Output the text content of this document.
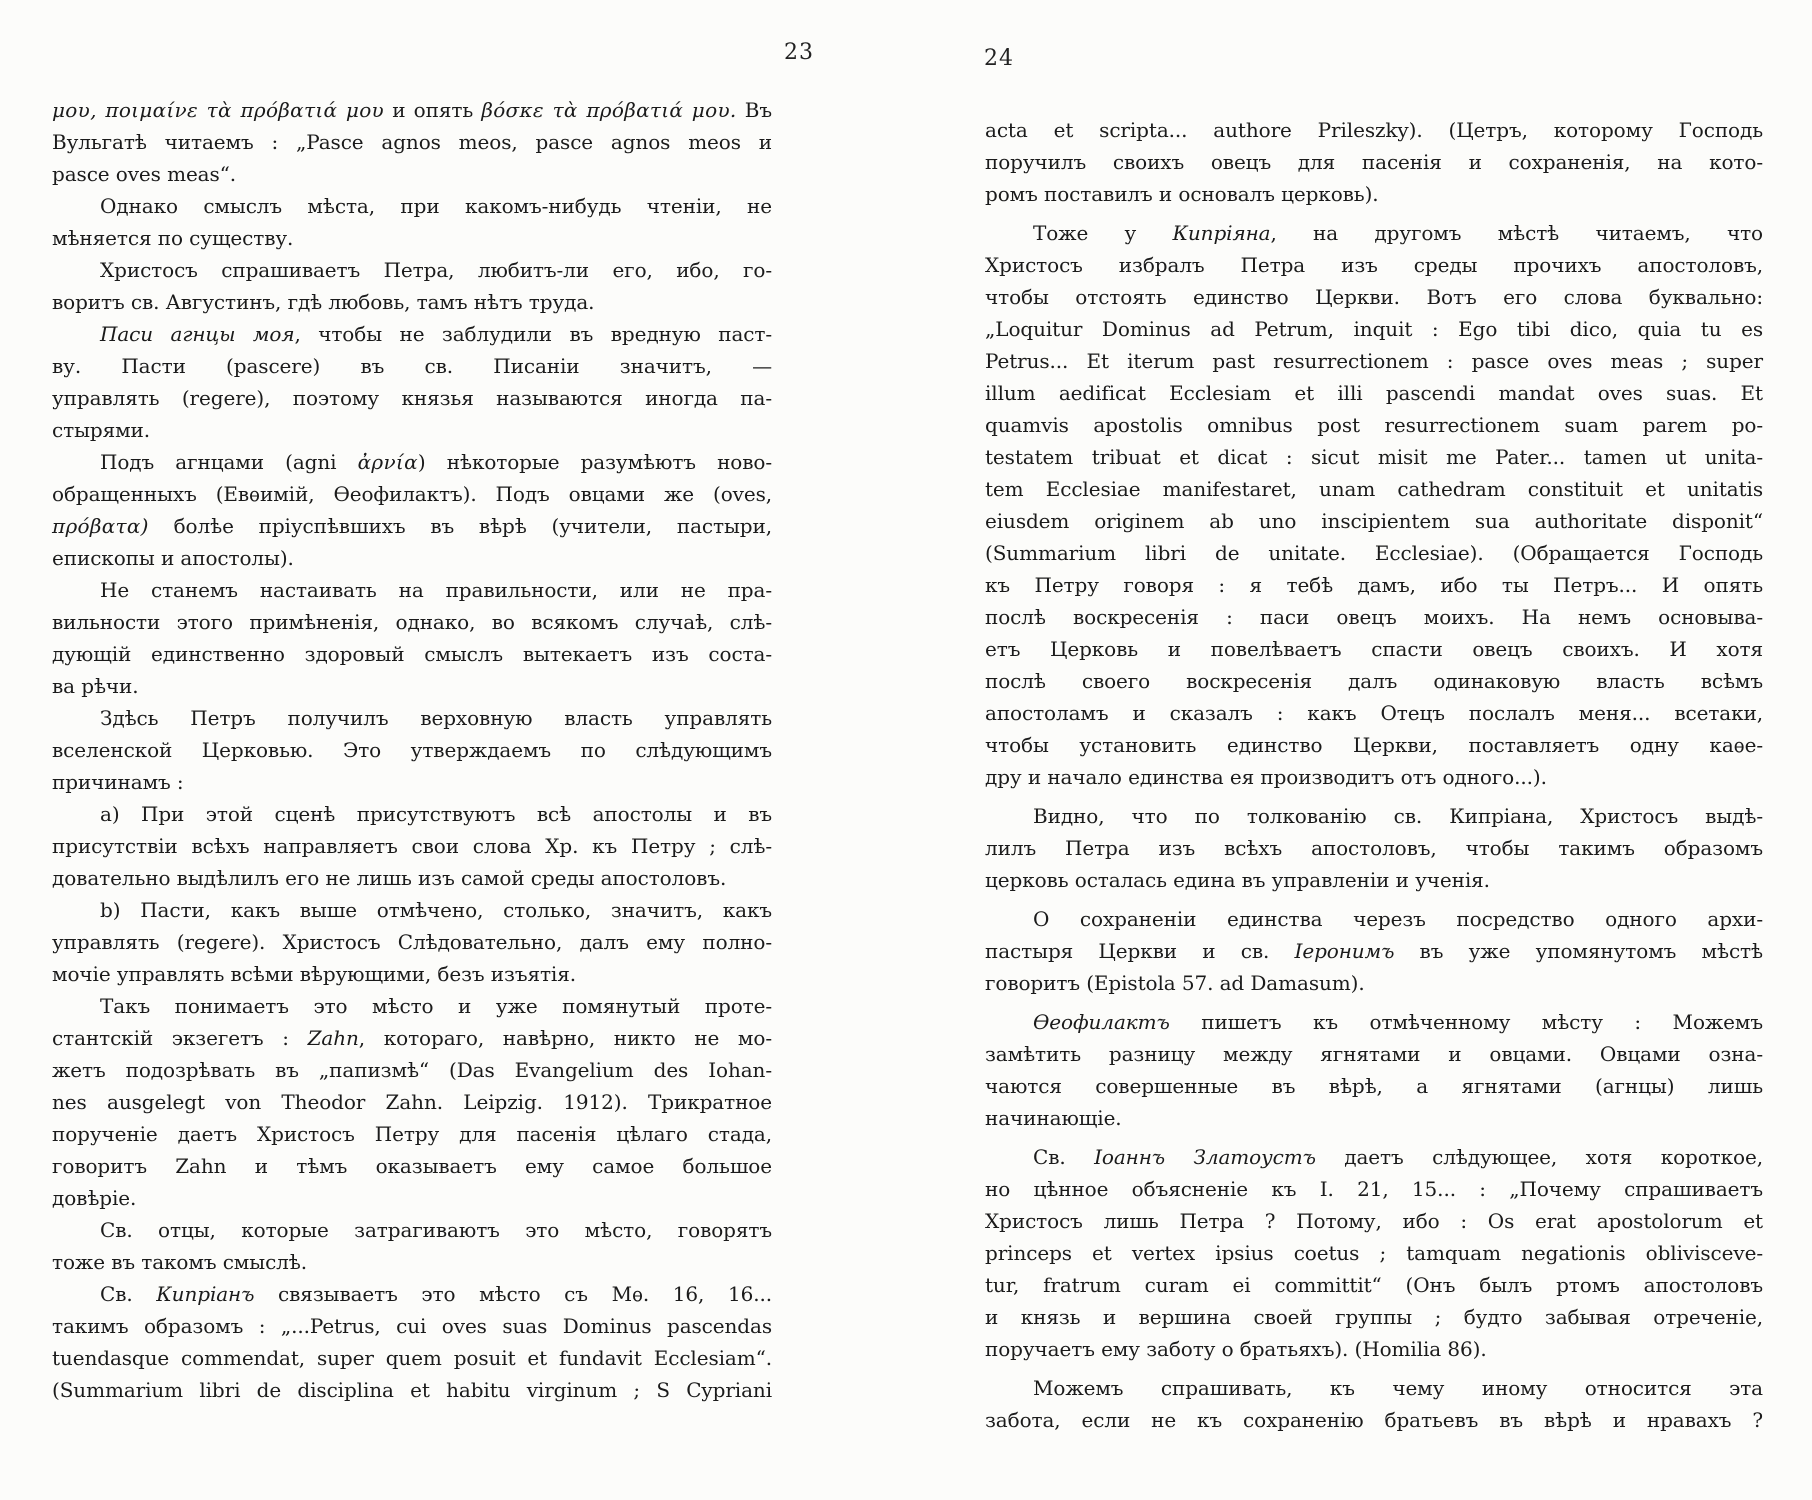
23	24
μου, ποιμαίνε τὰ πρόβατιά μου и опять βόσκε τὰ πρόβατιά μου. Въ
Вульгатѣ читаемъ : „Pasce agnos meos, pasce agnos meos и
pasce oves meas“.
Однако смыслъ мѣста, при какомъ-нибудь чтеніи, не
мѣняется по существу.
Христосъ спрашиваетъ Петра, любитъ-ли его, ибо, го-
воритъ св. Августинъ, гдѣ любовь, тамъ нѣтъ труда.
Паси агнцы моя, чтобы не заблудили въ вредную паст-
ву. Пасти (pascere) въ св. Писаніи значитъ, —
управлять (regere), поэтому князья называются иногда па-
стырями.
Подъ агнцами (agni ἀρνία) нѣкоторые разумѣютъ ново-
обращенныхъ (Евѳимій, Ѳеофилактъ). Подъ овцами же (oves,
πρόβατα) болѣе пріуспѣвшихъ въ вѣрѣ (учители, пастыри,
епископы и апостолы).
Не станемъ настаивать на правильности, или не пра-
вильности этого примѣненія, однако, во всякомъ случаѣ, слѣ-
дующій единственно здоровый смыслъ вытекаетъ изъ соста-
ва рѣчи.
Здѣсь Петръ получилъ верховную власть управлять
вселенской Церковью. Это утверждаемъ по слѣдующимъ
причинамъ :
a) При этой сценѣ присутствуютъ всѣ апостолы и въ
присутствіи всѣхъ направляетъ свои слова Хр. къ Петру ; слѣ-
довательно выдѣлилъ его не лишь изъ самой среды апостоловъ.
b) Пасти, какъ выше отмѣчено, столько, значитъ, какъ
управлять (regere). Христосъ Слѣдовательно, далъ ему полно-
мочіе управлять всѣми вѣрующими, безъ изъятія.
Такъ понимаетъ это мѣсто и уже помянутый проте-
стантскій экзегетъ : Zahn, котораго, навѣрно, никто не мо-
жетъ подозрѣвать въ „папизмѣ“ (Das Evangelium des Іohan-
nes ausgelegt von Theodor Zahn. Leipzig. 1912). Трикратное
порученіе даетъ Христосъ Петру для пасенія цѣлаго стада,
говоритъ Zahn и тѣмъ оказываетъ ему самое большое
довѣріе.
Св. отцы, которые затрагиваютъ это мѣсто, говорятъ
тоже въ такомъ смыслѣ.
Св. Кипріанъ связываетъ это мѣсто съ Мѳ. 16, 16...
такимъ образомъ : „...Petrus, cui oves suas Dominus pascendas
tuendasque commendat, super quem posuit et fundavit Ecclesiam“.
(Summarium libri de disciplina et habitu virginum ; S Cypriani
acta et scripta... authore Prileszky). (Цетръ, которому Господь
поручилъ своихъ овецъ для пасенія и сохраненія, на кото-
ромъ поставилъ и основалъ церковь).
Тоже у Кипріяна, на другомъ мѣстѣ читаемъ, что
Христосъ избралъ Петра изъ среды прочихъ апостоловъ,
чтобы отстоять единство Церкви. Вотъ его слова буквально:
„Loquitur Dominus ad Petrum, inquit : Ego tibi dico, quia tu es
Petrus... Et iterum past resurrectionem : pasce oves meas ; super
illum aedificat Ecclesiam et illi pascendi mandat oves suas. Et
quamvis apostolis omnibus post resurrectionem suam parem po-
testatem tribuat et dicat : sicut misit me Pater... tamen ut unita-
tem Ecclesiae manifestaret, unam cathedram constituit et unitatis
eiusdem originem ab uno inscipientem sua authoritate disponit“
(Summarium libri de unitate. Ecclesiae). (Обращается Господь
къ Петру говоря : я тебѣ дамъ, ибо ты Петръ... И опять
послѣ воскресенія : паси овецъ моихъ. На немъ основыва-
етъ Церковь и повелѣваетъ спасти овецъ своихъ. И хотя
послѣ своего воскресенія далъ одинаковую власть всѣмъ
апостоламъ и сказалъ : какъ Отецъ послалъ меня... всетаки,
чтобы установить единство Церкви, поставляетъ одну каѳе-
дру и начало единства ея производитъ отъ одного...).
Видно, что по толкованію св. Кипріана, Христосъ выдѣ-
лилъ Петра изъ всѣхъ апостоловъ, чтобы такимъ образомъ
церковь осталась едина въ управленіи и ученія.
О сохраненіи единства черезъ посредство одного архи-
пастыря Церкви и св. Іеронимъ въ уже упомянутомъ мѣстѣ
говоритъ (Epistola 57. ad Damasum).
Ѳеофилактъ пишетъ къ отмѣченному мѣсту : Можемъ
замѣтить разницу между ягнятами и овцами. Овцами озна-
чаются совершенные въ вѣрѣ, а ягнятами (агнцы) лишь
начинающіе.
Св. Іоаннъ Златоустъ даетъ слѣдующее, хотя короткое,
но цѣнное объясненіе къ I. 21, 15... : „Почему спрашиваетъ
Христосъ лишь Петра ? Потому, ибо : Os erat apostolorum et
princeps et vertex ipsius coetus ; tamquam negationis oblivisceve-
tur, fratrum curam ei committit“ (Онъ былъ ртомъ апостоловъ
и князь и вершина своей группы ; будто забывая отреченіе,
поручаетъ ему заботу о братьяхъ). (Homilia 86).
Можемъ спрашивать, къ чему иному относится эта
забота, если не къ сохраненію братьевъ въ вѣрѣ и нравахъ ?
